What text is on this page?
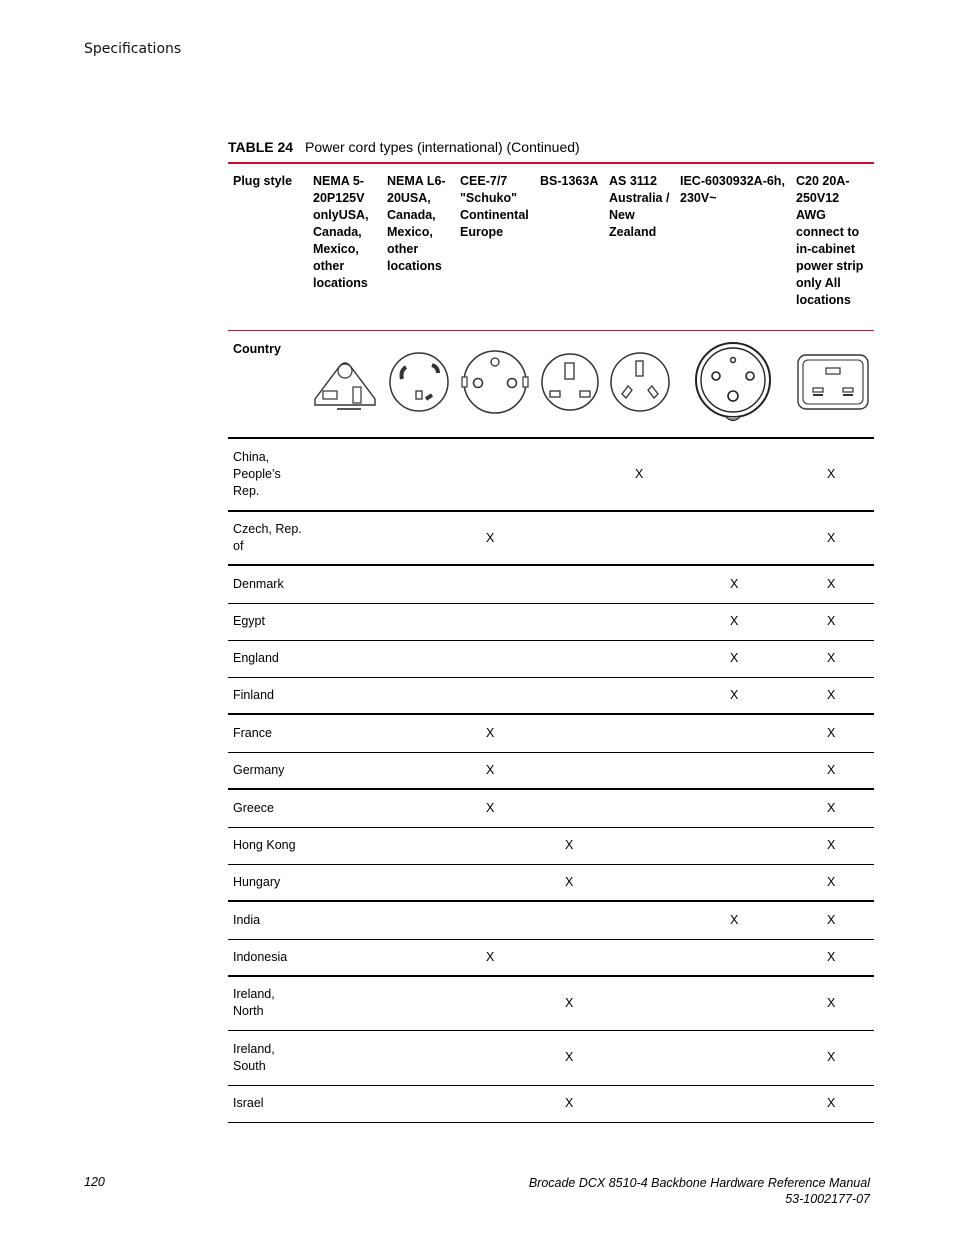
Specifications
TABLE 24 Power cord types (international) (Continued)
Plug style	NEMA 5-20P125V onlyUSA, Canada, Mexico, other locations	NEMA L6-20USA, Canada, Mexico, other locations	CEE-7/7 "Schuko" Continental Europe	BS-1363A	AS 3112 Australia / New Zealand	IEC-6030932A-6h, 230V~	C20 20A-250V12 AWG connect to in-cabinet power strip only All locations
Country							
China, People’s Rep.					X		X
Czech, Rep. of			X				X
Denmark						X	X
Egypt						X	X
England						X	X
Finland						X	X
France			X				X
Germany			X				X
Greece			X				X
Hong Kong				X			X
Hungary				X			X
India						X	X
Indonesia			X				X
Ireland, North				X			X
Ireland, South				X			X
Israel				X			X
120	Brocade DCX 8510-4 Backbone Hardware Reference Manual
53-1002177-07
